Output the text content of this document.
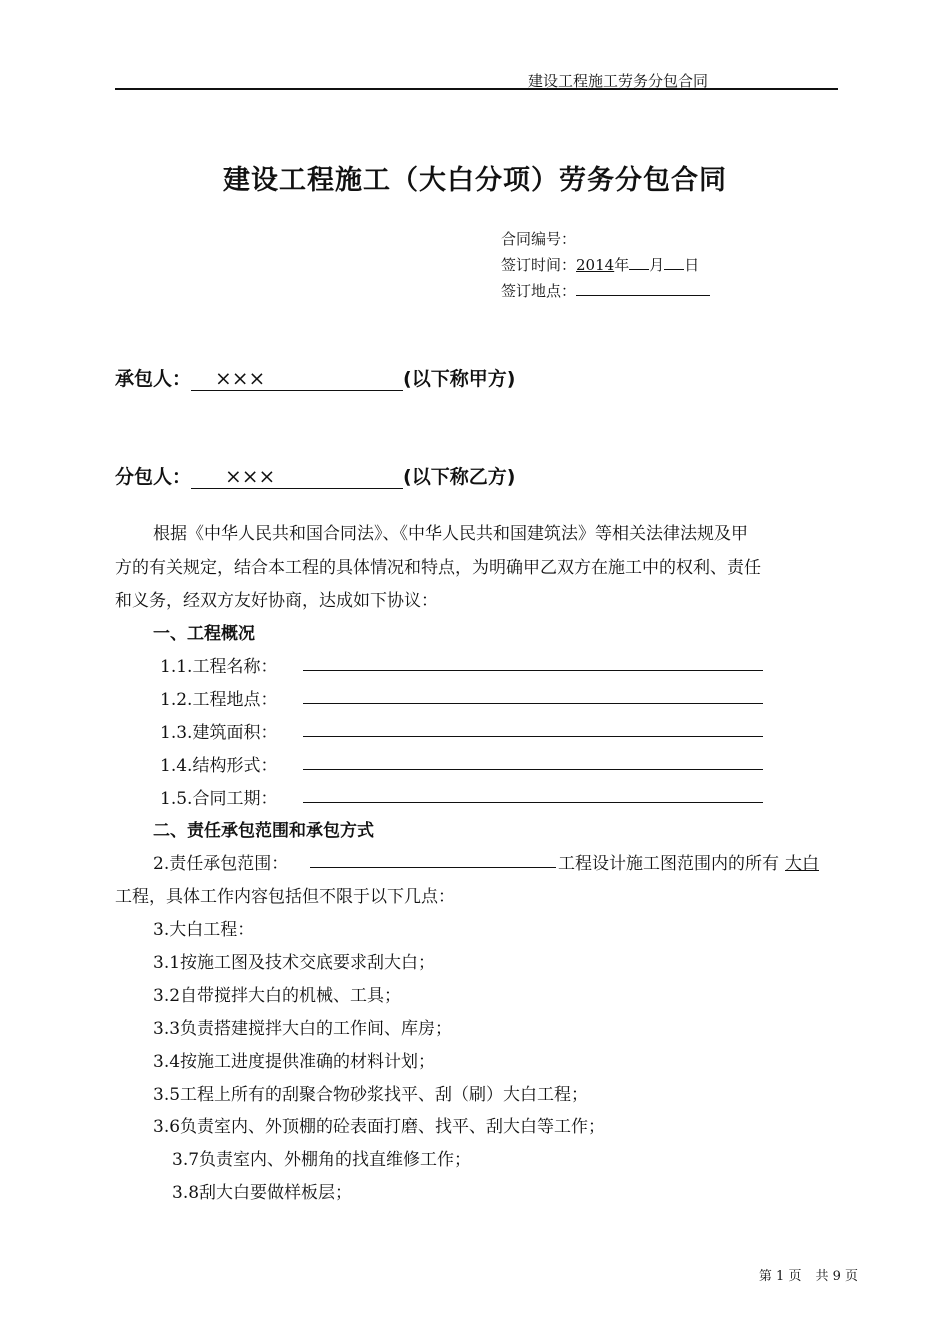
建设工程施工劳务分包合同
建设工程施工（大白分项）劳务分包合同
合同编号：
签订时间：2014年 月 日
签订地点：
承包人： ×××	(以下称甲方)
分包人： ×××	(以下称乙方)
根据《中华人民共和国合同法》、《中华人民共和国建筑法》等相关法律法规及甲
方的有关规定，结合本工程的具体情况和特点，为明确甲乙双方在施工中的权利、责任
和义务，经双方友好协商，达成如下协议：
一、工程概况
1.1.工程名称：
1.2.工程地点：
1.3.建筑面积：
1.4.结构形式：
1.5.合同工期：
二、责任承包范围和承包方式
2.责任承包范围：	工程设计施工图范围内的所有 大白
工程，具体工作内容包括但不限于以下几点：
3.大白工程：
3.1按施工图及技术交底要求刮大白；
3.2自带搅拌大白的机械、工具；
3.3负责搭建搅拌大白的工作间、库房；
3.4按施工进度提供准确的材料计划；
3.5工程上所有的刮聚合物砂浆找平、刮（刷）大白工程；
3.6负责室内、外顶棚的砼表面打磨、找平、刮大白等工作；
3.7负责室内、外棚角的找直维修工作；
3.8刮大白要做样板层；
第 1 页 共 9 页
